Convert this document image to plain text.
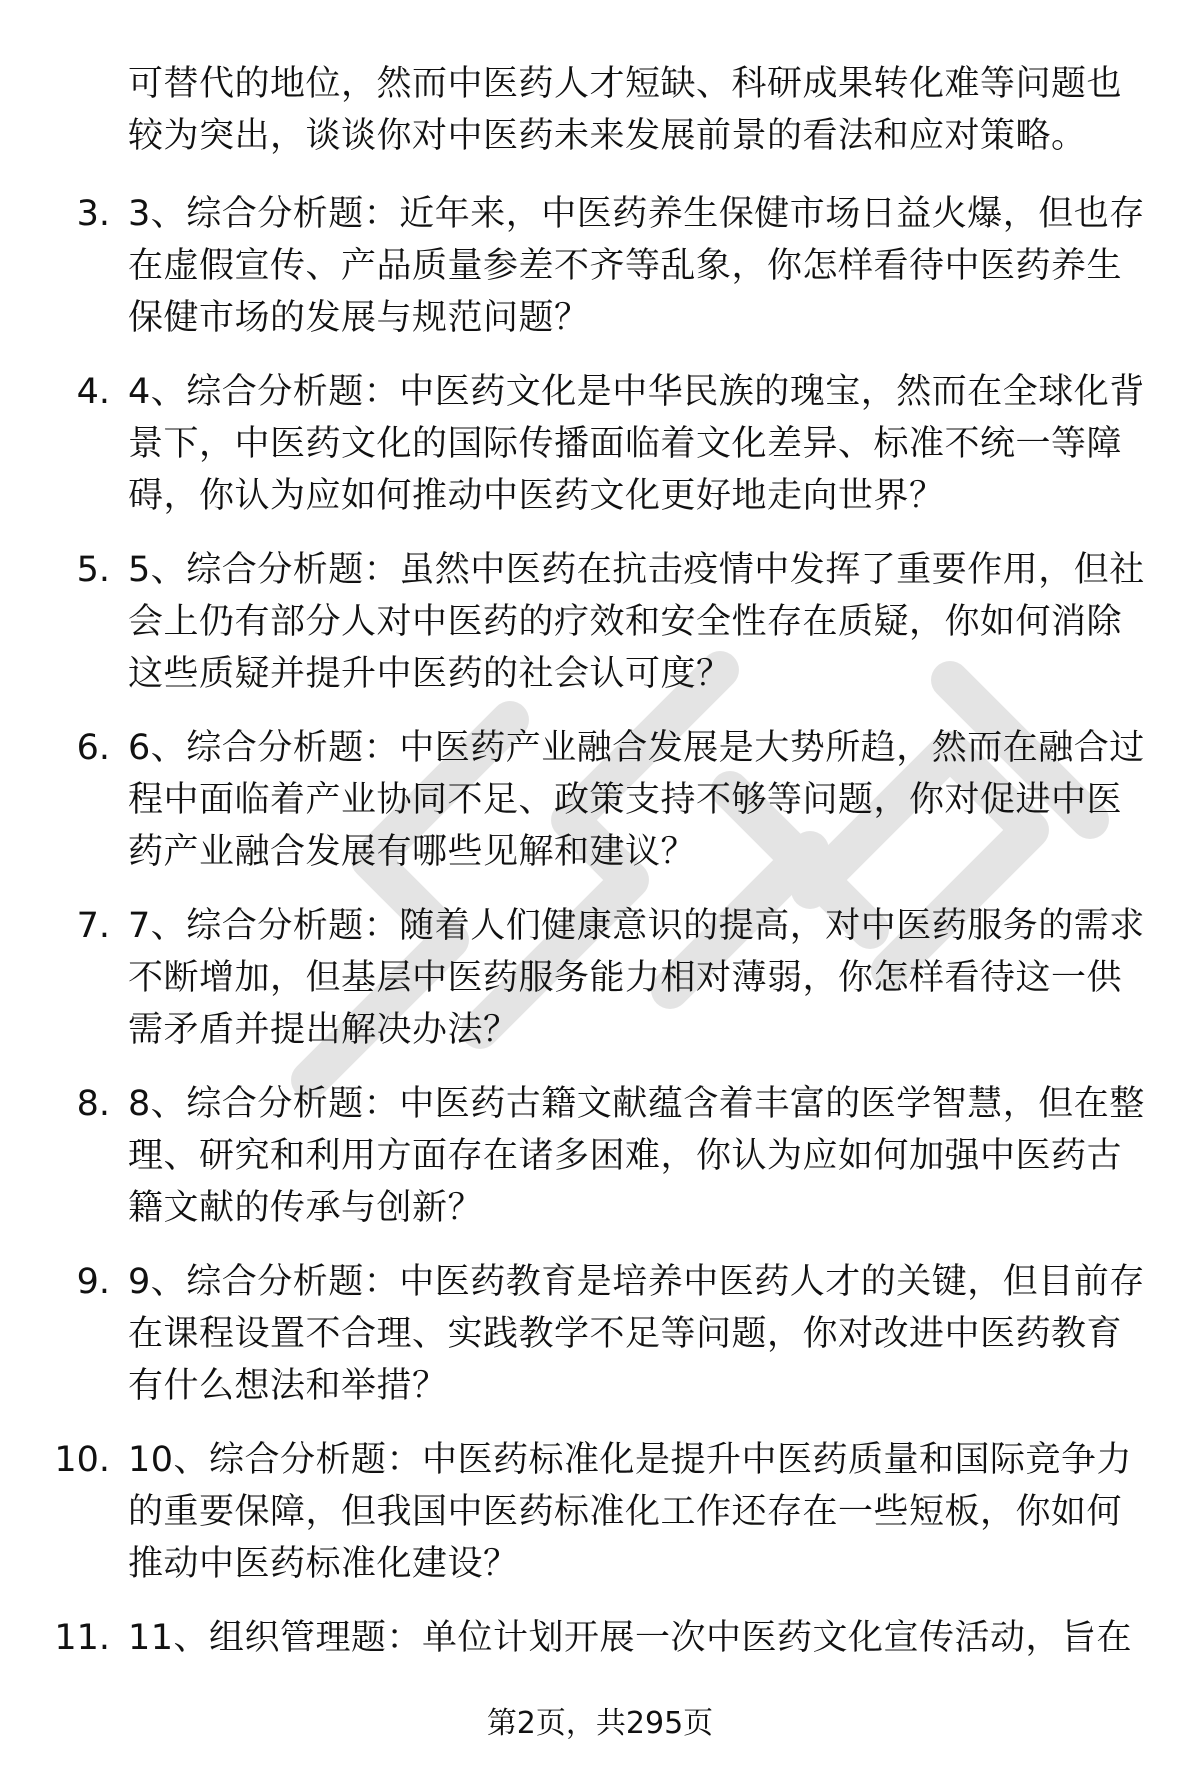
可替代的地位，然而中医药人才短缺、科研成果转化难等问题也
较为突出，谈谈你对中医药未来发展前景的看法和应对策略。
3. 3、综合分析题：近年来，中医药养生保健市场日益火爆，但也存
在虚假宣传、产品质量参差不齐等乱象，你怎样看待中医药养生
保健市场的发展与规范问题？
4. 4、综合分析题：中医药文化是中华民族的瑰宝，然而在全球化背
景下，中医药文化的国际传播面临着文化差异、标准不统一等障
碍，你认为应如何推动中医药文化更好地走向世界？
5. 5、综合分析题：虽然中医药在抗击疫情中发挥了重要作用，但社
会上仍有部分人对中医药的疗效和安全性存在质疑，你如何消除
这些质疑并提升中医药的社会认可度？
6. 6、综合分析题：中医药产业融合发展是大势所趋，然而在融合过
程中面临着产业协同不足、政策支持不够等问题，你对促进中医
药产业融合发展有哪些见解和建议？
7. 7、综合分析题：随着人们健康意识的提高，对中医药服务的需求
不断增加，但基层中医药服务能力相对薄弱，你怎样看待这一供
需矛盾并提出解决办法？
8. 8、综合分析题：中医药古籍文献蕴含着丰富的医学智慧，但在整
理、研究和利用方面存在诸多困难，你认为应如何加强中医药古
籍文献的传承与创新？
9. 9、综合分析题：中医药教育是培养中医药人才的关键，但目前存
在课程设置不合理、实践教学不足等问题，你对改进中医药教育
有什么想法和举措？
10. 10、综合分析题：中医药标准化是提升中医药质量和国际竞争力
的重要保障，但我国中医药标准化工作还存在一些短板，你如何
推动中医药标准化建设？
11. 11、组织管理题：单位计划开展一次中医药文化宣传活动，旨在
第2页，共295页
